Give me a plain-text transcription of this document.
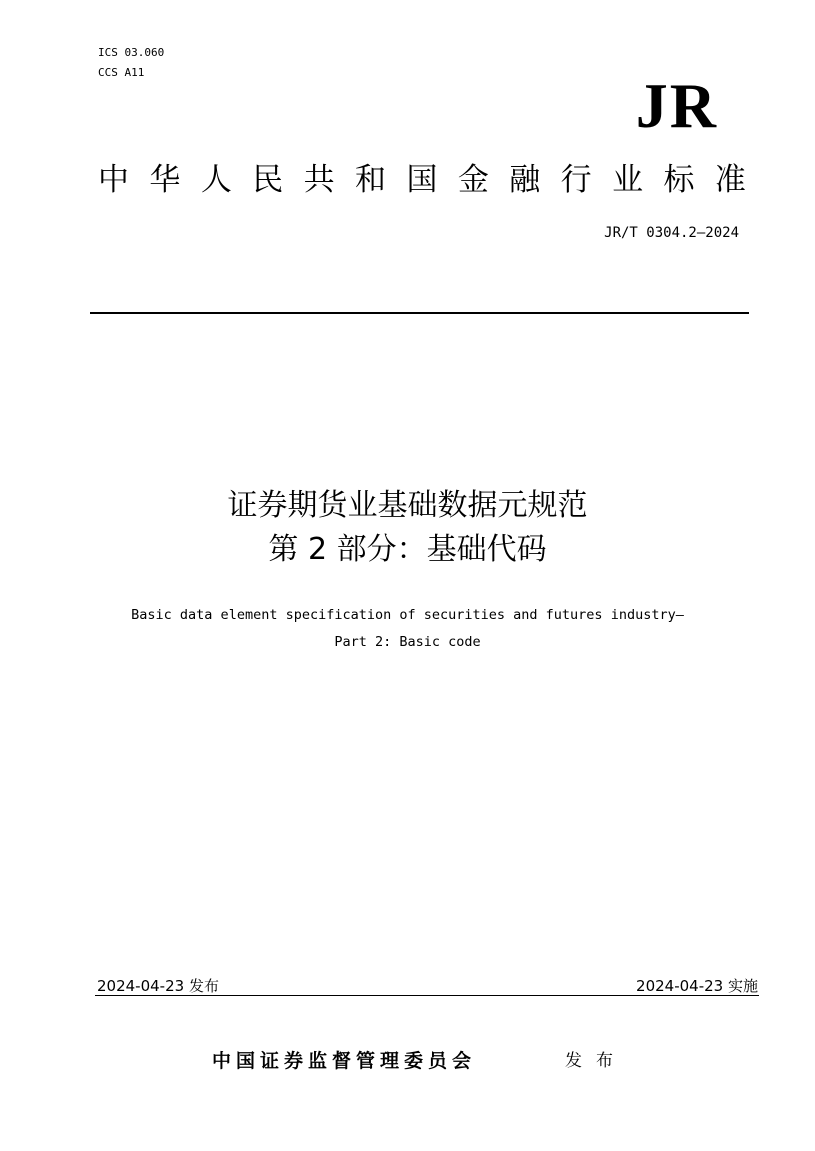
ICS 03.060
CCS A11	JR
中 华 人 民 共 和 国 金 融 行 业 标 准
JR/T 0304.2—2024
证券期货业基础数据元规范
第 2 部分：基础代码
Basic data element specification of securities and futures industry—
Part 2: Basic code
2024-04-23 发布	2024-04-23 实施
中国证券监督管理委员会	发布
